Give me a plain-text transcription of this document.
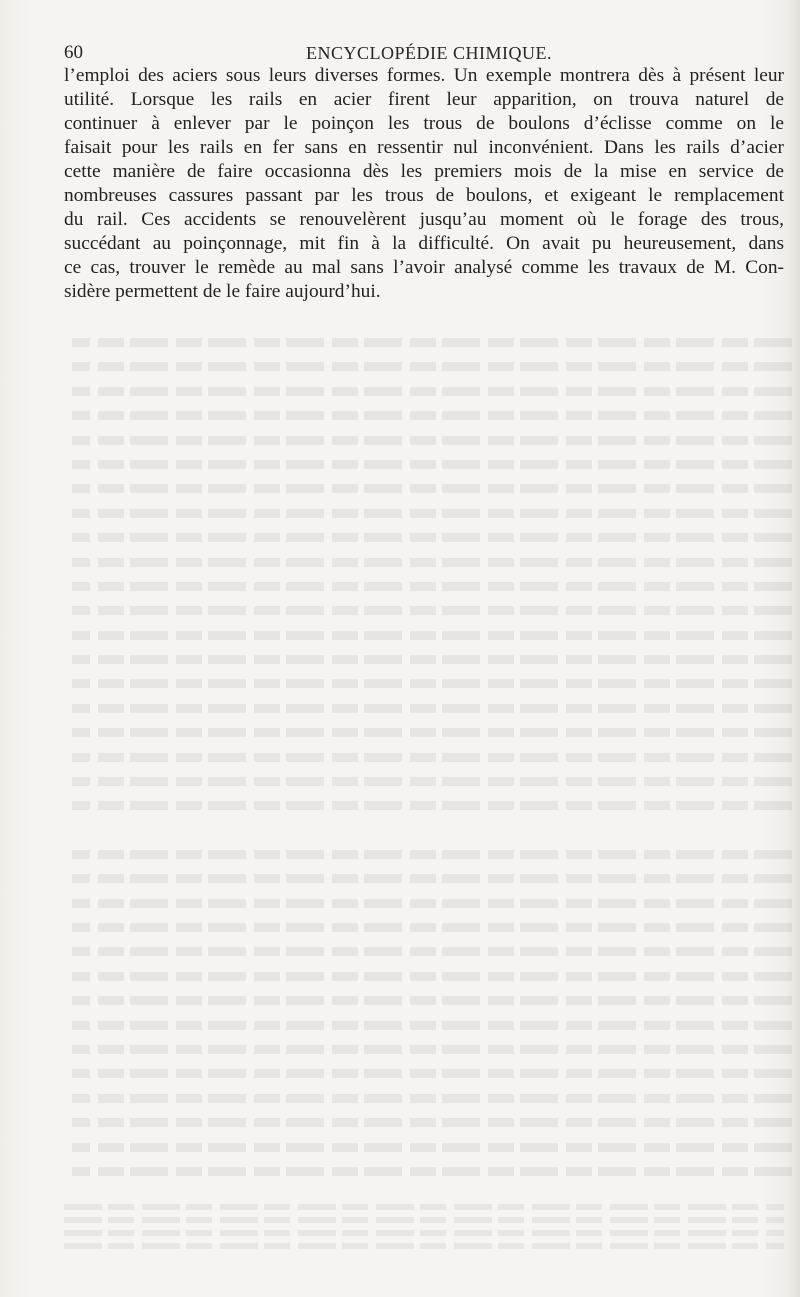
60	ENCYCLOPÉDIE CHIMIQUE.
l’emploi des aciers sous leurs diverses formes. Un exemple montrera dès à présent leur
utilité. Lorsque les rails en acier firent leur apparition, on trouva naturel de
continuer à enlever par le poinçon les trous de boulons d’éclisse comme on le
faisait pour les rails en fer sans en ressentir nul inconvénient. Dans les rails d’acier
cette manière de faire occasionna dès les premiers mois de la mise en service de
nombreuses cassures passant par les trous de boulons, et exigeant le remplacement
du rail. Ces accidents se renouvelèrent jusqu’au moment où le forage des trous,
succédant au poinçonnage, mit fin à la difficulté. On avait pu heureusement, dans
ce cas, trouver le remède au mal sans l’avoir analysé comme les travaux de M. Con-
sidère permettent de le faire aujourd’hui.
